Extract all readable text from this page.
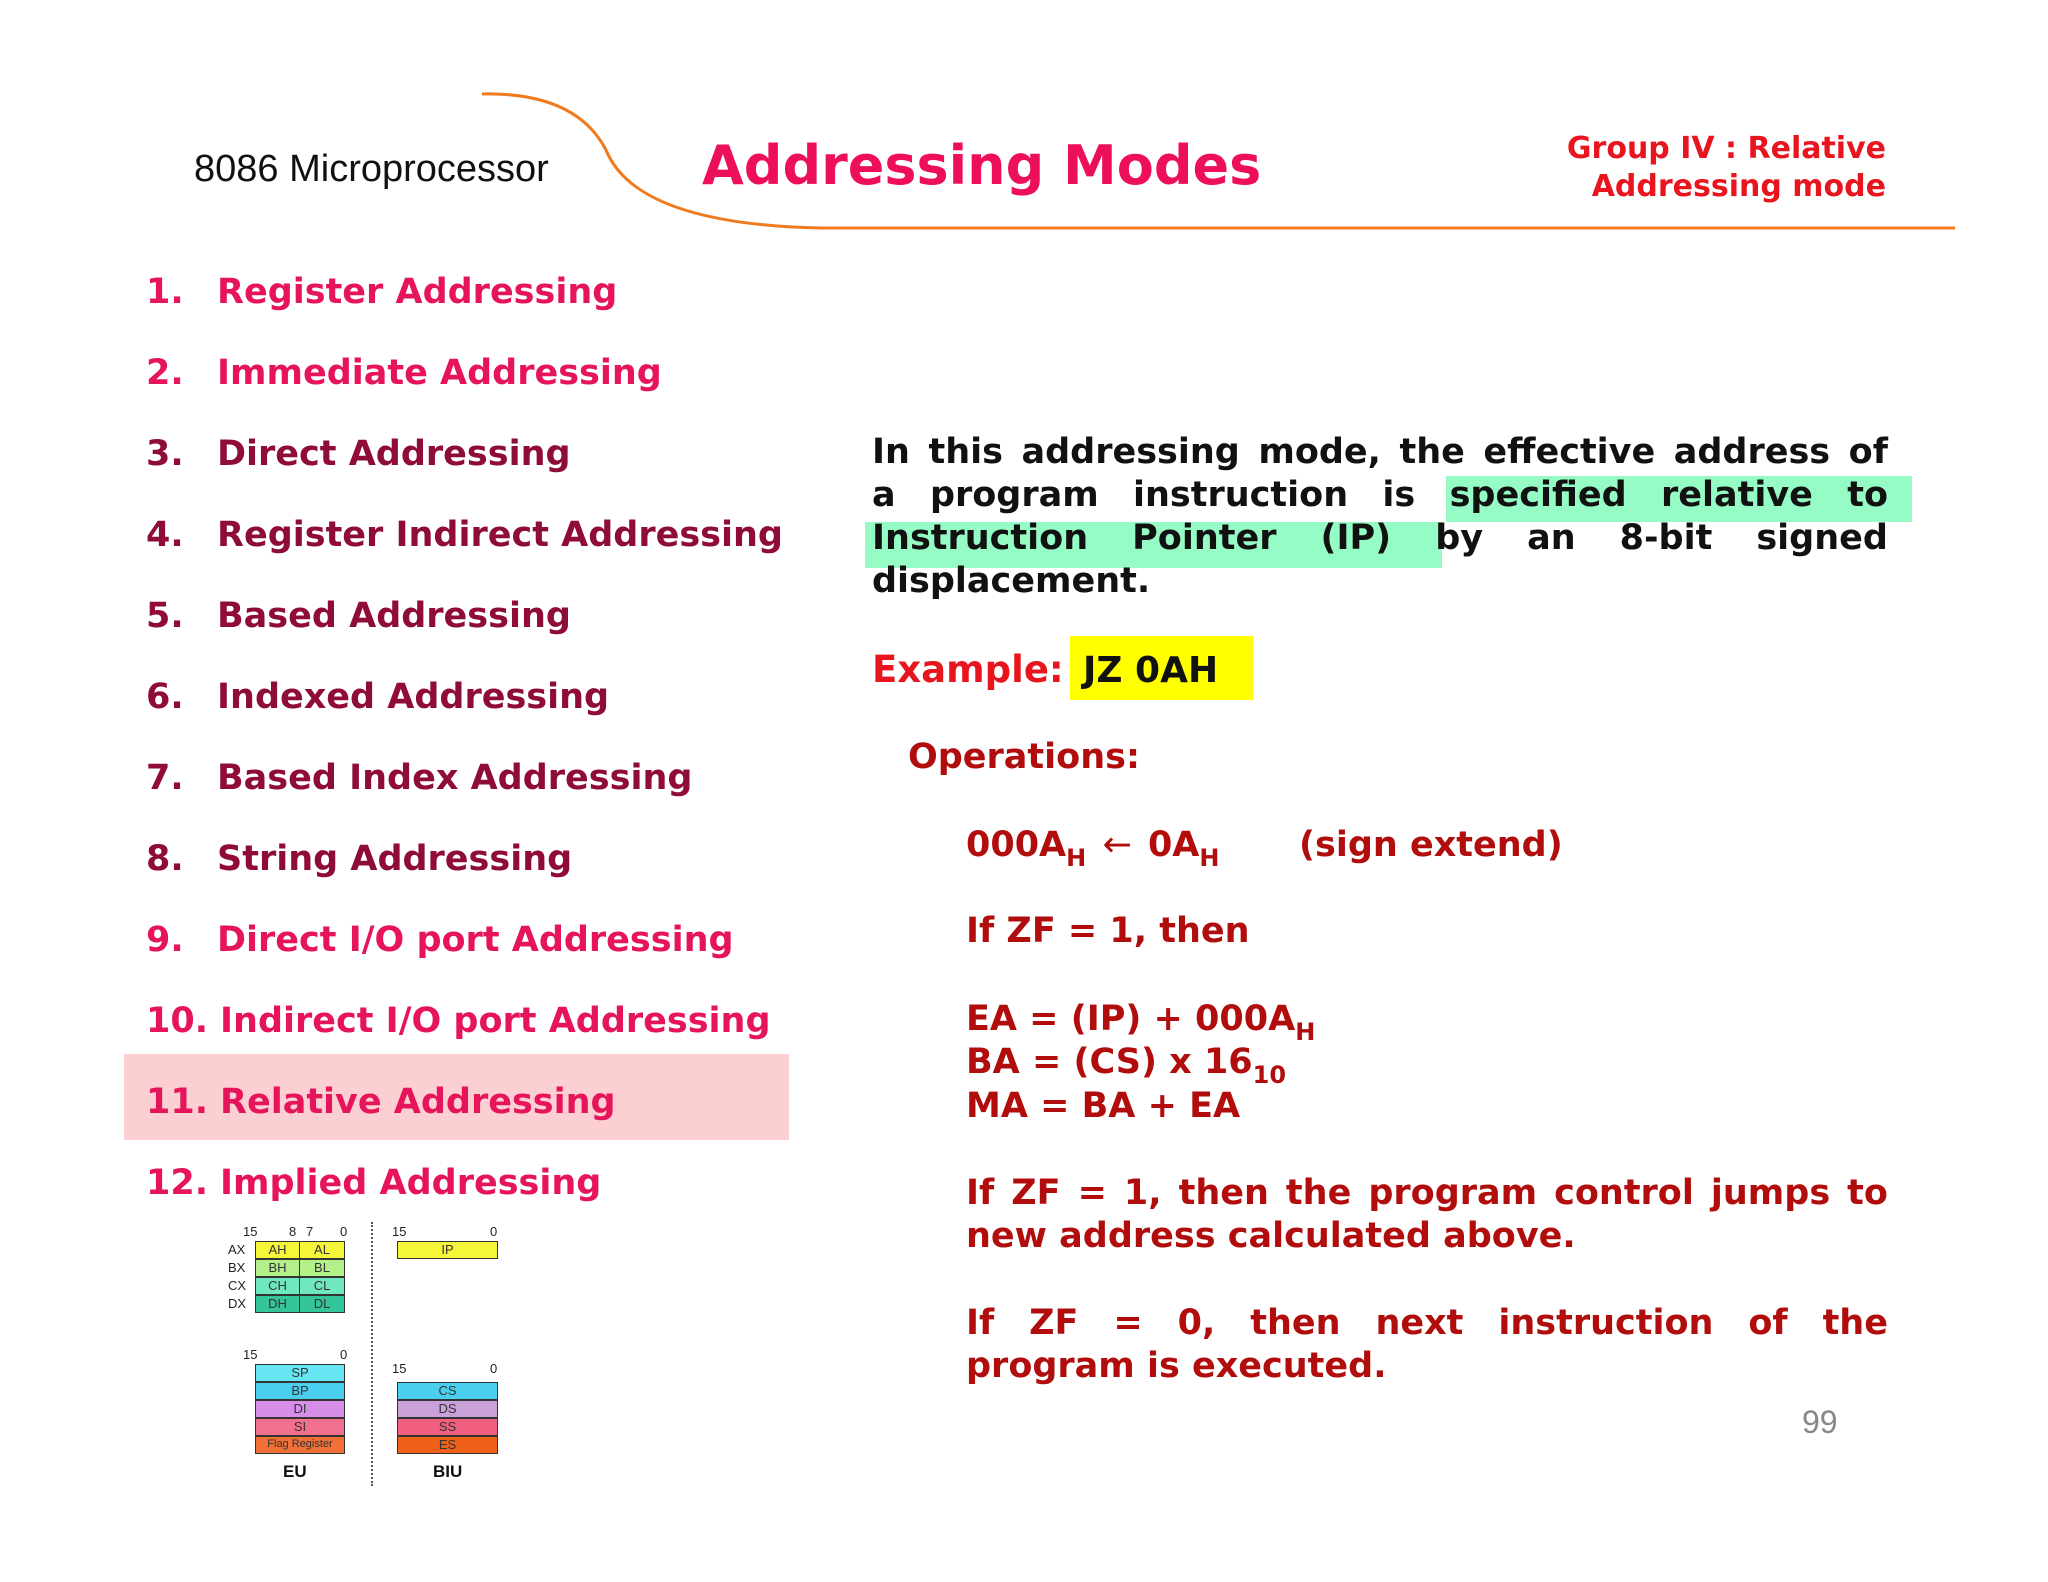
8086 Microprocessor	Addressing Modes	Group IV : Relative
Addressing mode
1. Register Addressing
2. Immediate Addressing
3. Direct Addressing
4. Register Indirect Addressing
5. Based Addressing
6. Indexed Addressing
7. Based Index Addressing
8. String Addressing
9. Direct I/O port Addressing
10. Indirect I/O port Addressing
11. Relative Addressing
12. Implied Addressing
In this addressing mode, the effective address of
a program instruction is specified relative to
Instruction Pointer (IP) by an 8-bit signed
displacement.
Example: JZ 0AH
Operations:
$000A_H$ ← $0A_H$ (sign extend)
If ZF = 1, then
EA = $(IP) + 000A_H$
BA = (CS) x $16_{10}$
MA = BA + EA
If ZF = 1, then the program control jumps to
new address calculated above.
If ZF = 0, then next instruction of the
program is executed.
15 8 7 0
AX	AH	AL
BX	BH	BL
CX	CH	CL
DX	DH	DL
15	0
IP
15	0
SP
BP
DI
SI
Flag Register
15	0
CS
DS
SS
ES
EU	BIU
99
